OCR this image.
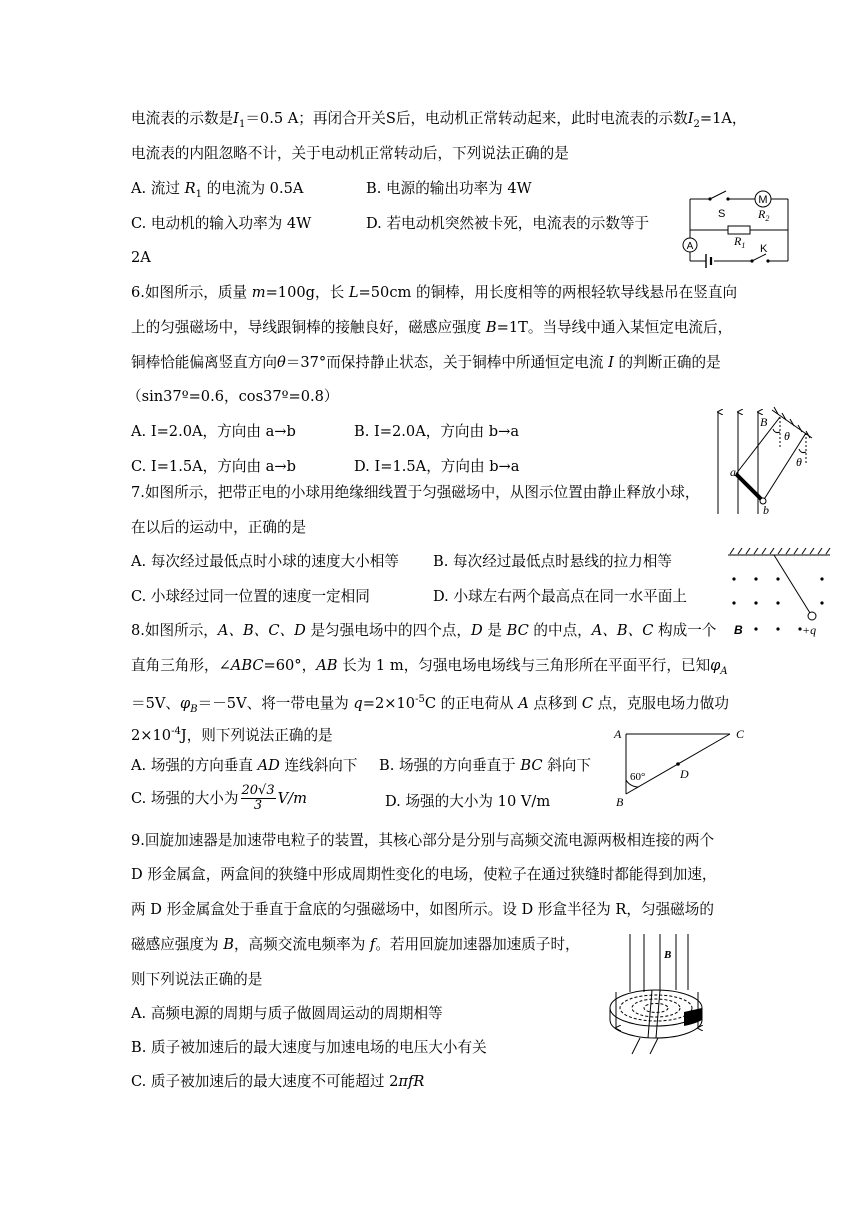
电流表的示数是$I_1=0.5$ A；再闭合开关S后，电动机正常转动起来，此时电流表的示数$I_2=1A$，
电流表的内阻忽略不计，关于电动机正常转动后，下列说法正确的是
A. 流过 $R_1$ 的电流为 0.5A	B. 电源的输出功率为 4W
C. 电动机的输入功率为 4W	D. 若电动机突然被卡死，电流表的示数等于
2A
A
M
S	$R_2$
$R_1$ K
6.如图所示，质量 m=100g，长 L=50cm 的铜棒，用长度相等的两根轻软导线悬吊在竖直向
上的匀强磁场中，导线跟铜棒的接触良好，磁感应强度 B=1T。当导线中通入某恒定电流后，
铜棒恰能偏离竖直方向θ＝37°而保持静止状态，关于铜棒中所通恒定电流 I 的判断正确的是
（sin37º=0.6，cos37º=0.8）
A. I=2.0A，方向由 a→b	B. I=2.0A，方向由 b→a
C. I=1.5A，方向由 a→b	D. I=1.5A，方向由 b→a
B
θ
θ
a
b
7.如图所示，把带正电的小球用绝缘细线置于匀强磁场中，从图示位置由静止释放小球，
在以后的运动中，正确的是
A. 每次经过最低点时小球的速度大小相等 B. 每次经过最低点时悬线的拉力相等
C. 小球经过同一位置的速度一定相同	D. 小球左右两个最高点在同一水平面上
B	+q
8.如图所示，A、B、C、D 是匀强电场中的四个点，D 是 BC 的中点，A、B、C 构成一个
直角三角形，∠ABC=60°，AB 长为 1 m，匀强电场电场线与三角形所在平面平行，已知$\varphi_A$
＝5V、$\varphi_B=-5V$、将一带电量为 $q=2\times 10^{-5}C$ 的正电荷从 A 点移到 C 点，克服电场力做功
$2\times 10^{-4}J$，则下列说法正确的是
A. 场强的方向垂直 AD 连线斜向下 B. 场强的方向垂直于 BC 斜向下
C. 场强的大小为 20√3
3 V/m	D. 场强的大小为 10 V/m
A
B
C
D
60°
9.回旋加速器是加速带电粒子的装置，其核心部分是分别与高频交流电源两极相连接的两个
D 形金属盒，两盒间的狭缝中形成周期性变化的电场，使粒子在通过狭缝时都能得到加速，
两 D 形金属盒处于垂直于盒底的匀强磁场中，如图所示。设 D 形盒半径为 R，匀强磁场的
磁感应强度为 B，高频交流电频率为 f。若用回旋加速器加速质子时，
则下列说法正确的是
A. 高频电源的周期与质子做圆周运动的周期相等
B. 质子被加速后的最大速度与加速电场的电压大小有关
C. 质子被加速后的最大速度不可能超过 2πfR
B
